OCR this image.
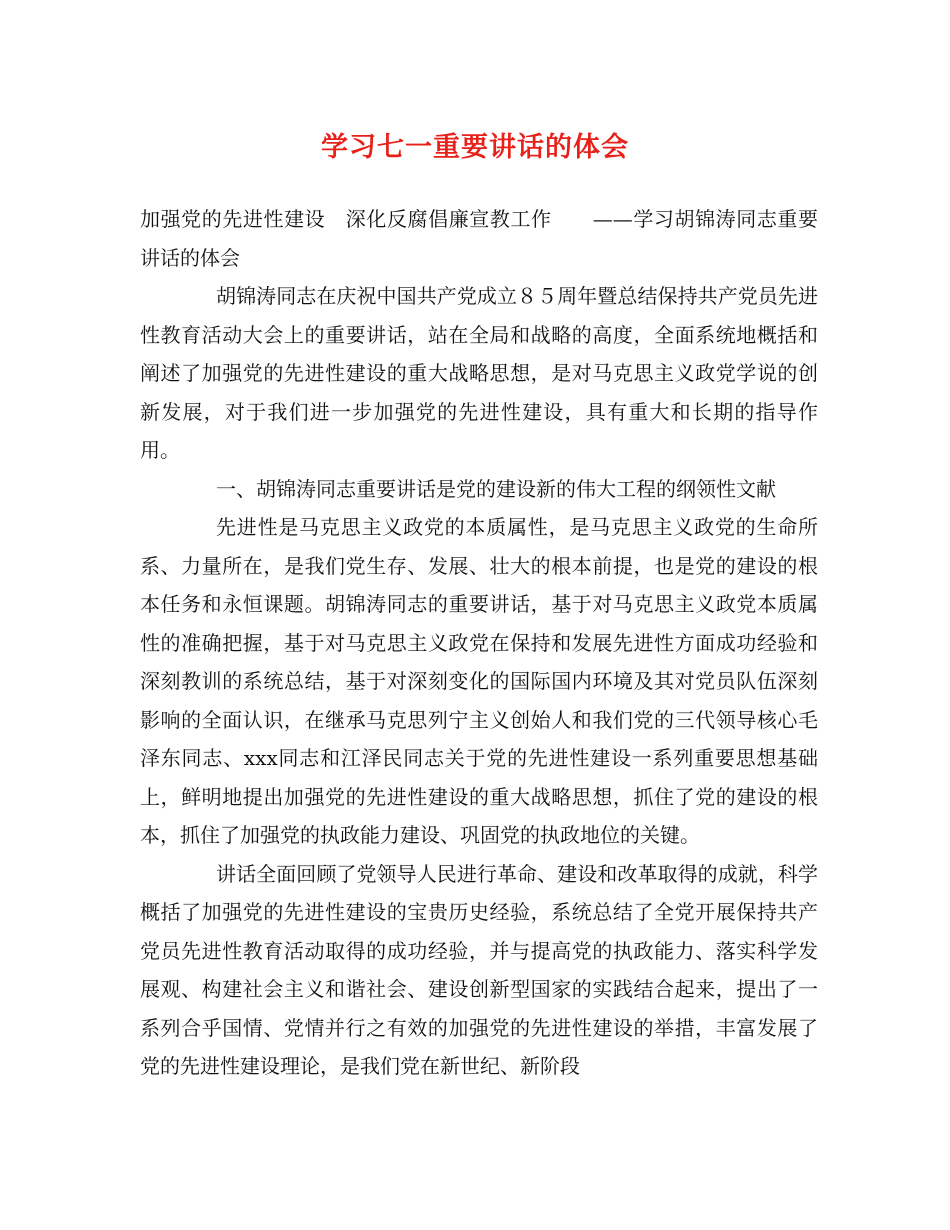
学习七一重要讲话的体会

加强党的先进性建设　深化反腐倡廉宣教工作　　——学习胡锦涛同志重要讲话的体会

胡锦涛同志在庆祝中国共产党成立８５周年暨总结保持共产党员先进性教育活动大会上的重要讲话，站在全局和战略的高度，全面系统地概括和阐述了加强党的先进性建设的重大战略思想，是对马克思主义政党学说的创新发展，对于我们进一步加强党的先进性建设，具有重大和长期的指导作用。

一、胡锦涛同志重要讲话是党的建设新的伟大工程的纲领性文献

先进性是马克思主义政党的本质属性，是马克思主义政党的生命所系、力量所在，是我们党生存、发展、壮大的根本前提，也是党的建设的根本任务和永恒课题。胡锦涛同志的重要讲话，基于对马克思主义政党本质属性的准确把握，基于对马克思主义政党在保持和发展先进性方面成功经验和深刻教训的系统总结，基于对深刻变化的国际国内环境及其对党员队伍深刻影响的全面认识，在继承马克思列宁主义创始人和我们党的三代领导核心毛泽东同志、xxx同志和江泽民同志关于党的先进性建设一系列重要思想基础上，鲜明地提出加强党的先进性建设的重大战略思想，抓住了党的建设的根本，抓住了加强党的执政能力建设、巩固党的执政地位的关键。

讲话全面回顾了党领导人民进行革命、建设和改革取得的成就，科学概括了加强党的先进性建设的宝贵历史经验，系统总结了全党开展保持共产党员先进性教育活动取得的成功经验，并与提高党的执政能力、落实科学发展观、构建社会主义和谐社会、建设创新型国家的实践结合起来，提出了一系列合乎国情、党情并行之有效的加强党的先进性建设的举措，丰富发展了党的先进性建设理论，是我们党在新世纪、新阶段
